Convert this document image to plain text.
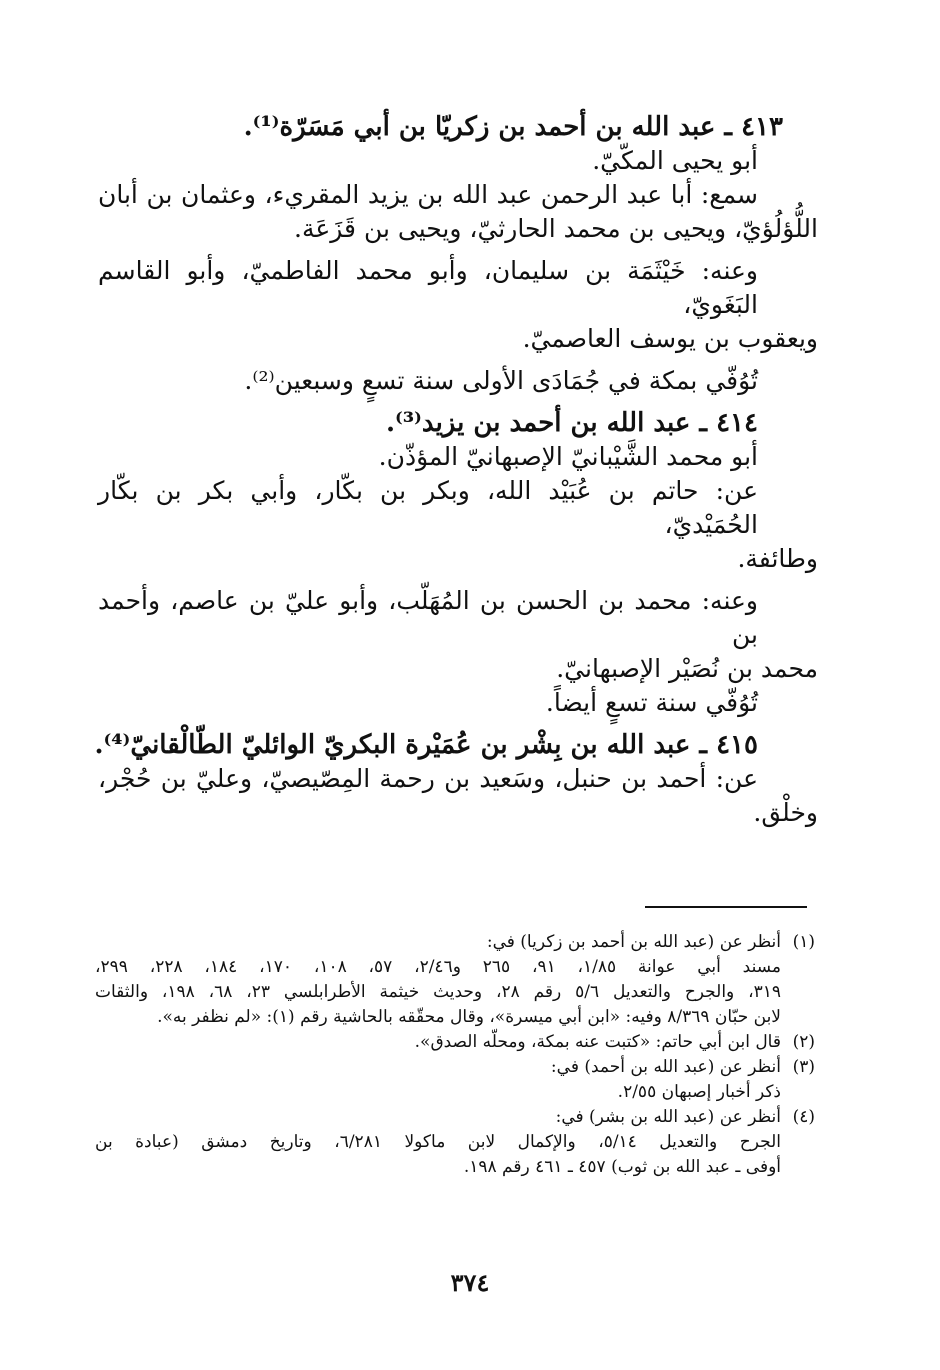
٤١٣ ـ عبد الله بن أحمد بن زكريّا بن أبي مَسَرّة⁽¹⁾.
أبو يحيى المكّيّ.
سمع: أبا عبد الرحمن عبد الله بن يزيد المقريء، وعثمان بن أبان
اللُّؤلُؤيّ، ويحيى بن محمد الحارثيّ، ويحيى بن قَزَعَة.
وعنه: خَيْثَمَة بن سليمان، وأبو محمد الفاطميّ، وأبو القاسم البَغَويّ،
ويعقوب بن يوسف العاصميّ.
تُوُفّي بمكة في جُمَادَى الأولى سنة تسعٍ وسبعين⁽²⁾.
٤١٤ ـ عبد الله بن أحمد بن يزيد⁽³⁾.
أبو محمد الشَّيْبانيّ الإصبهانيّ المؤذّن.
عن: حاتم بن عُبَيْد الله، وبكر بن بكّار، وأبي بكر بن بكّار الحُمَيْديّ،
وطائفة.
وعنه: محمد بن الحسن بن المُهَلّب، وأبو عليّ بن عاصم، وأحمد بن
محمد بن نُصَيْر الإصبهانيّ.
تُوُفّي سنة تسعٍ أيضاً.
٤١٥ ـ عبد الله بن بِشْر بن عُمَيْرة البكريّ الوائليّ الطّالْقانيّ⁽⁴⁾.
عن: أحمد بن حنبل، وسَعيد بن رحمة المِصّيصيّ، وعليّ بن حُجْر،
وخلْق.
(١)
أنظر عن (عبد الله بن أحمد بن زكريا) في:
مسند أبي عوانة ١/٨٥، ٩١، ٢٦٥ و٢/٤٦، ٥٧، ١٠٨، ١٧٠، ١٨٤، ٢٢٨، ٢٩٩،
٣١٩، والجرح والتعديل ٥/٦ رقم ٢٨، وحديث خيثمة الأطرابلسي ٢٣، ٦٨، ١٩٨، والثقات
لابن حبّان ٨/٣٦٩ وفيه: «ابن أبي ميسرة»، وقال محقّقه بالحاشية رقم (١): «لم نظفر به».
(٢)
قال ابن أبي حاتم: «كتبت عنه بمكة، ومحلّه الصدق».
(٣)
أنظر عن (عبد الله بن أحمد) في:
ذكر أخبار إصبهان ٢/٥٥.
(٤)
أنظر عن (عبد الله بن بشر) في:
الجرح والتعديل ٥/١٤، والإكمال لابن ماكولا ٦/٢٨١، وتاريخ دمشق (عبادة بن
أوفى ـ عبد الله بن ثوب) ٤٥٧ ـ ٤٦١ رقم ١٩٨.
٣٧٤
